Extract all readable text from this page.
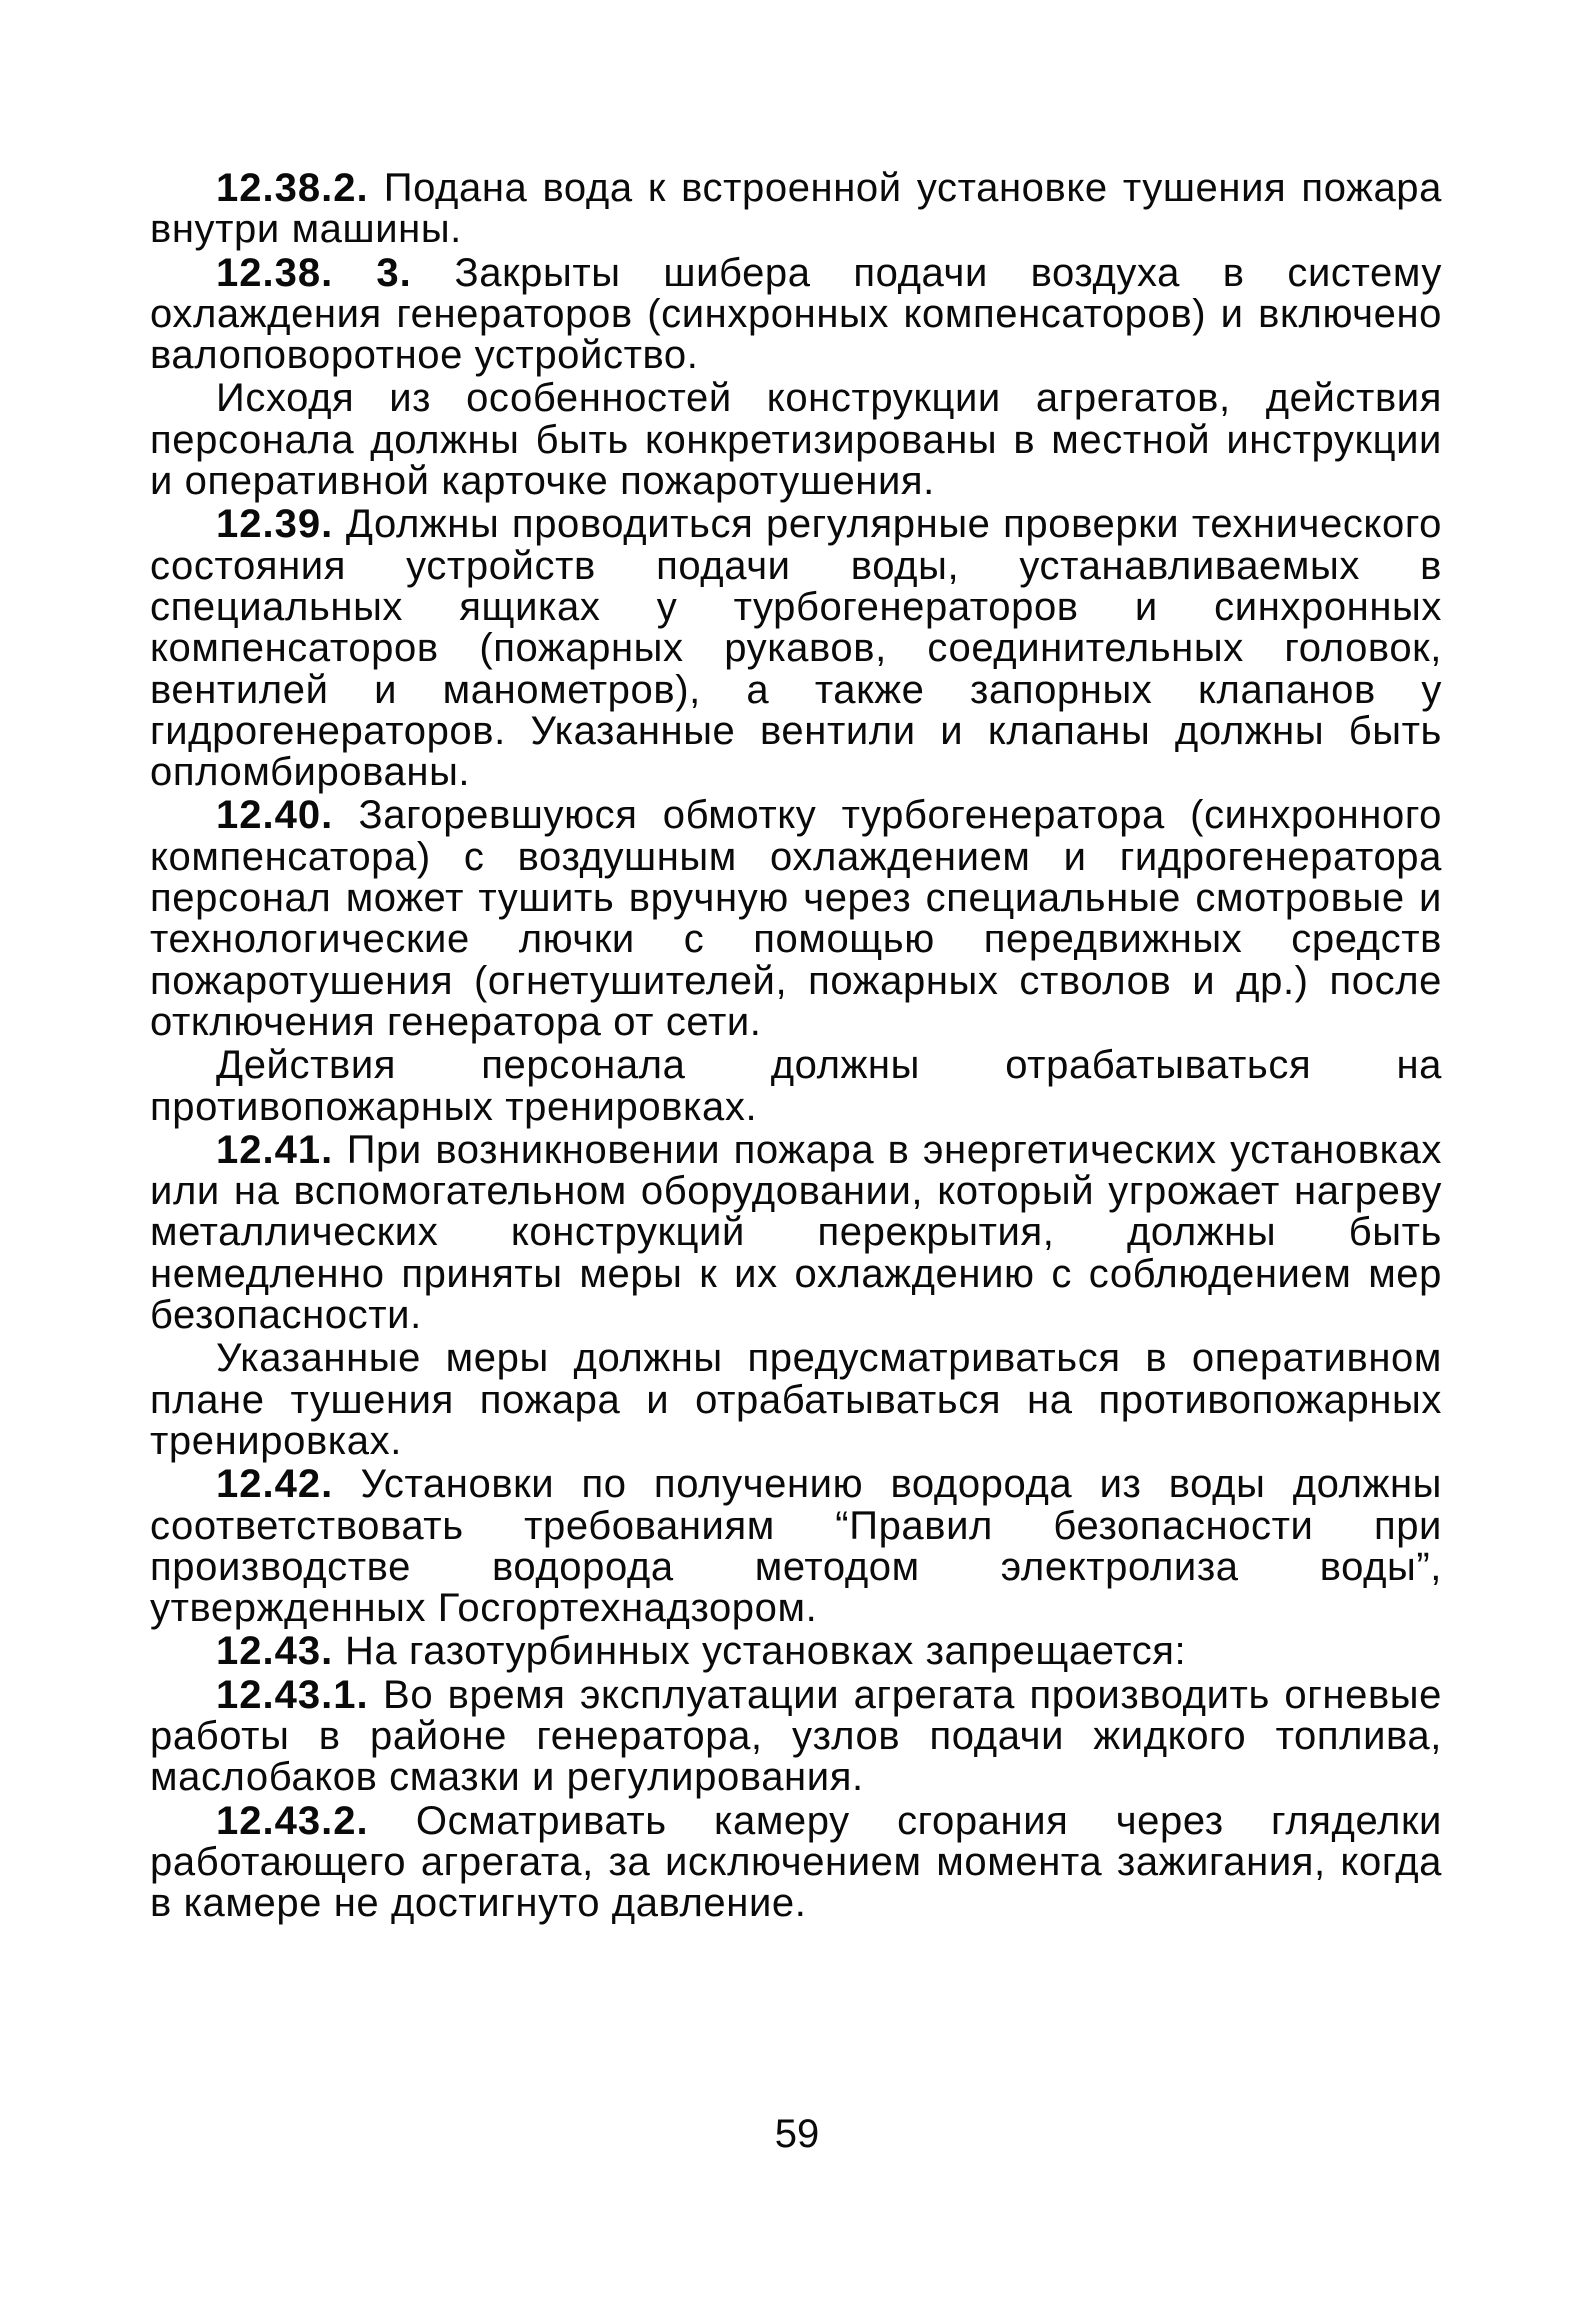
12.38.2. Подана вода к встроенной установке тушения пожара внутри машины.

12.38. 3. Закрыты шибера подачи воздуха в систему охлаждения генераторов (синхронных компенсаторов) и включено валоповоротное устройство.

Исходя из особенностей конструкции агрегатов, действия персонала должны быть конкретизированы в местной инструкции и оперативной карточке пожаротушения.

12.39. Должны проводиться регулярные проверки технического состояния устройств подачи воды, устанавливаемых в специальных ящиках у турбогенераторов и синхронных компенсаторов (пожарных рукавов, соединительных головок, вентилей и манометров), а также запорных клапанов у гидрогенераторов. Указанные вентили и клапаны должны быть опломбированы.

12.40. Загоревшуюся обмотку турбогенератора (синхронного компенсатора) с воздушным охлаждением и гидрогенератора персонал может тушить вручную через специальные смотровые и технологические лючки с помощью передвижных средств пожаротушения (огнетушителей, пожарных стволов и др.) после отключения генератора от сети.

Действия персонала должны отрабатываться на противопожарных тренировках.

12.41. При возникновении пожара в энергетических установках или на вспомогательном оборудовании, который угрожает нагреву металлических конструкций перекрытия, должны быть немедленно приняты меры к их охлаждению с соблюдением мер безопасности.

Указанные меры должны предусматриваться в оперативном плане тушения пожара и отрабатываться на противопожарных тренировках.

12.42. Установки по получению водорода из воды должны соответствовать требованиям “Правил безопасности при производстве водорода методом электролиза воды”, утвержденных Госгортехнадзором.

12.43. На газотурбинных установках запрещается:

12.43.1. Во время эксплуатации агрегата производить огневые работы в районе генератора, узлов подачи жидкого топлива, маслобаков смазки и регулирования.

12.43.2. Осматривать камеру сгорания через гляделки работающего агрегата, за исключением момента зажигания, когда в камере не достигнуто давление.

59
